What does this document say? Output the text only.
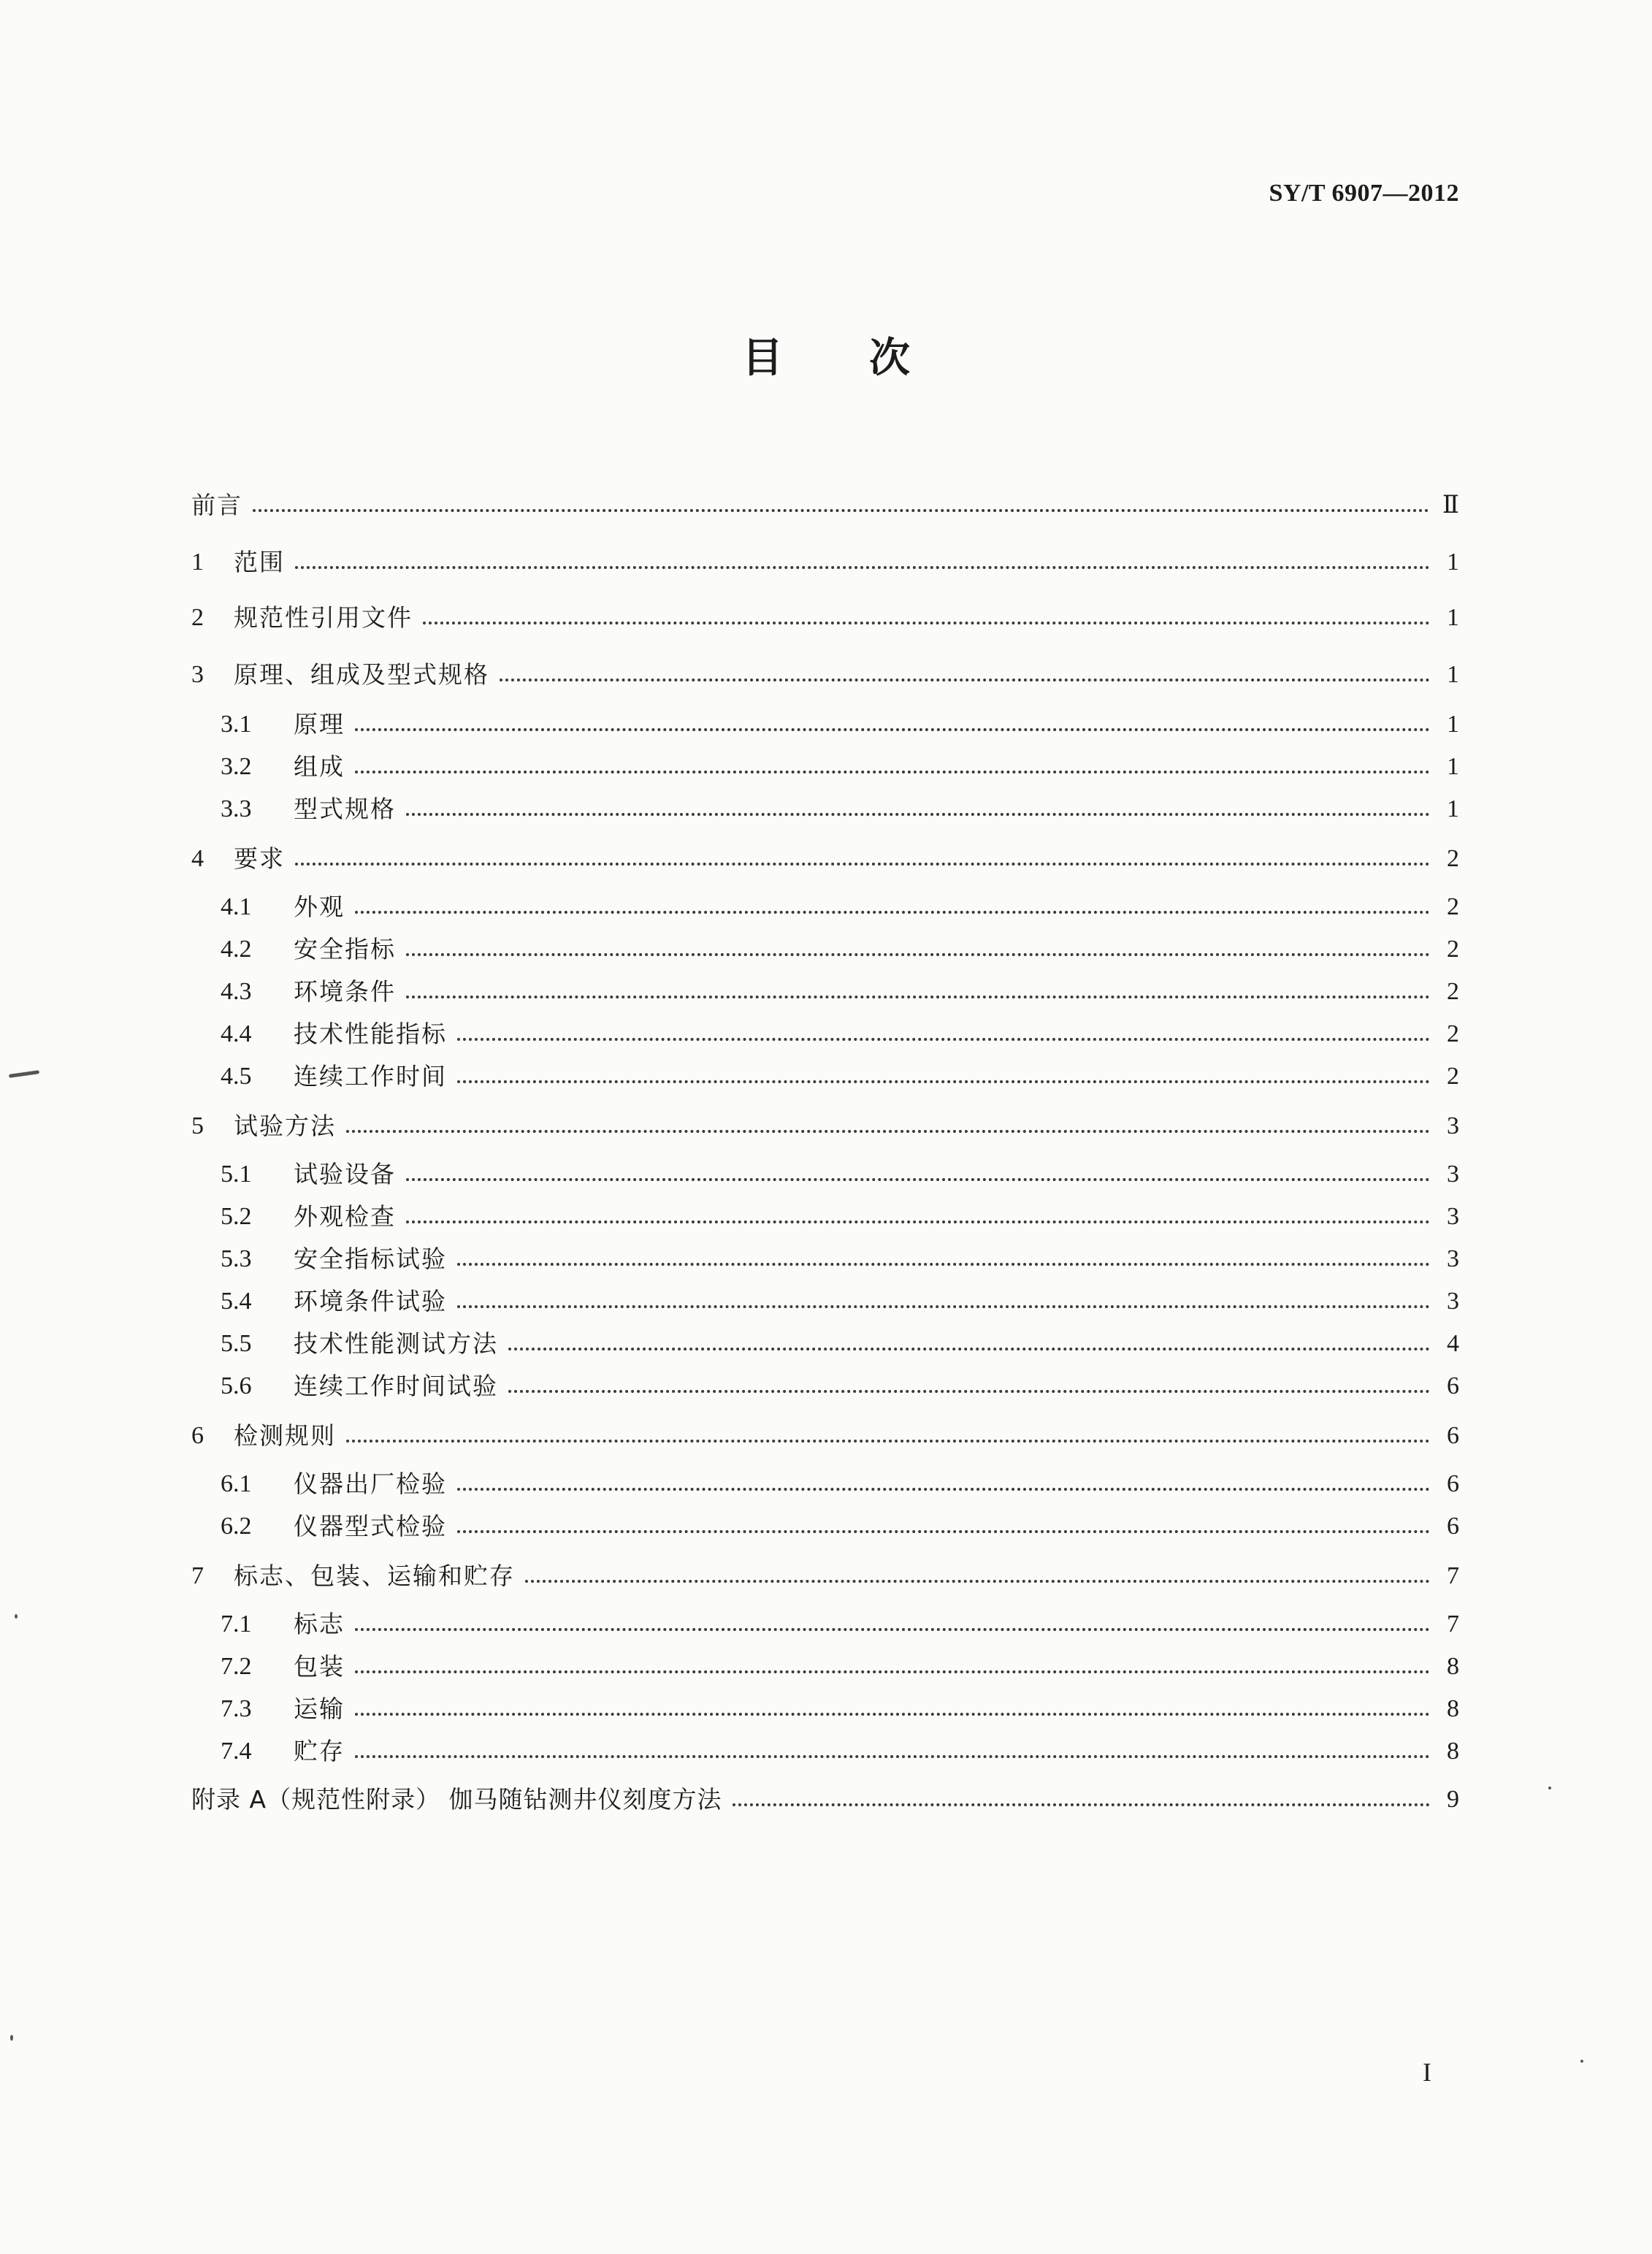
SY/T 6907—2012
目 次
前言	Ⅱ
1	范围	1
2	规范性引用文件	1
3	原理、组成及型式规格	1
3.1	原理	1
3.2	组成	1
3.3	型式规格	1
4	要求	2
4.1	外观	2
4.2	安全指标	2
4.3	环境条件	2
4.4	技术性能指标	2
4.5	连续工作时间	2
5	试验方法	3
5.1	试验设备	3
5.2	外观检查	3
5.3	安全指标试验	3
5.4	环境条件试验	3
5.5	技术性能测试方法	4
5.6	连续工作时间试验	6
6	检测规则	6
6.1	仪器出厂检验	6
6.2	仪器型式检验	6
7	标志、包装、运输和贮存	7
7.1	标志	7
7.2	包装	8
7.3	运输	8
7.4	贮存	8
附录 A（规范性附录） 伽马随钻测井仪刻度方法	9
I
